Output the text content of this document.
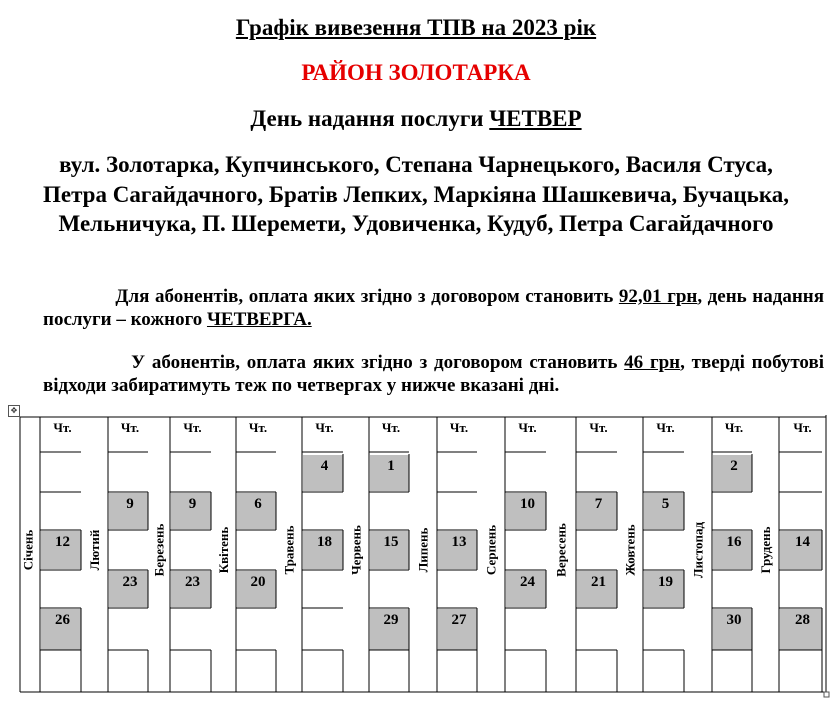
Графік вивезення ТПВ на 2023 рік
РАЙОН ЗОЛОТАРКА
День надання послуги ЧЕТВЕР
вул. Золотарка, Купчинського, Степана Чарнецького, Василя Стуса, Петра Сагайдачного, Братів Лепких, Маркіяна Шашкевича, Бучацька, Мельничука, П. Шеремети, Удовиченка, Кудуб, Петра Сагайдачного
Для абонентів, оплата яких згідно з договором становить 92,01 грн, день надання послуги – кожного ЧЕТВЕРГА.
У абонентів, оплата яких згідно з договором становить 46 грн, тверді побутові відходи забиратимуть теж по четвергах у нижче вказані дні.
✥
Чт.
12
26
Січень
Чт.
9
23
Лютий
Чт.
9
23
Березень
Чт.
6
20
Квітень
Чт.
4
18
Травень
Чт.
1
15
29
Червень
Чт.
13
27
Липень
Чт.
10
24
Серпень
Чт.
7
21
Вересень
Чт.
5
19
Жовтень
Чт.
2
16
30
Листопад
Чт.
14
28
Грудень
